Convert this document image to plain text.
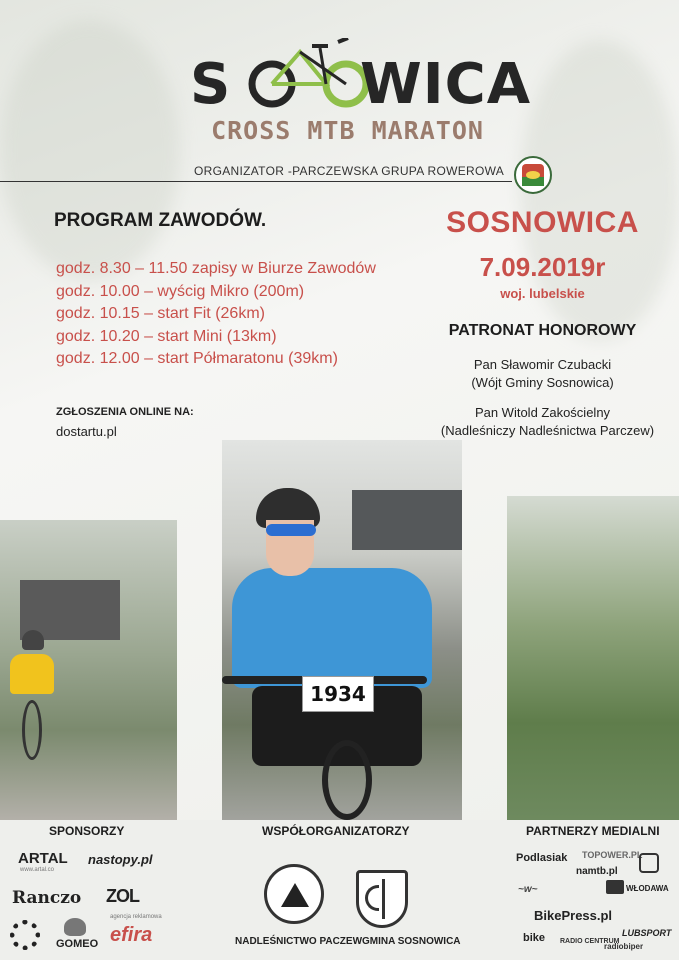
S WICA
CROSS MTB MARATON
ORGANIZATOR -PARCZEWSKA GRUPA ROWEROWA
PROGRAM ZAWODÓW.
godz. 8.30 – 11.50 zapisy w Biurze Zawodów
godz. 10.00 – wyścig Mikro (200m)
godz. 10.15 – start Fit (26km)
godz. 10.20 – start Mini (13km)
godz. 12.00 – start Półmaratonu (39km)
ZGŁOSZENIA ONLINE NA:
dostartu.pl
SOSNOWICA
7.09.2019r
woj. lubelskie
PATRONAT HONOROWY
Pan Sławomir Czubacki
(Wójt Gminy Sosnowica)
Pan Witold Zakościelny
(Nadleśniczy Nadleśnictwa Parczew)
1934
SPONSORZY	WSPÓŁORGANIZATORZY	PARTNERZY MEDIALNI
ARTAL
www.artal.co
nastopy.pl
Ranczo ZOL
GOMEO
agencja reklamowa
efira	NADLEŚNICTWO PACZEW GMINA SOSNOWICA
Podlasiak TOPOWER.PL
namtb.pl
~w~	WŁODAWA
BikePress.pl
bike RADIO CENTRUM
LUBSPORT
radiobiper
